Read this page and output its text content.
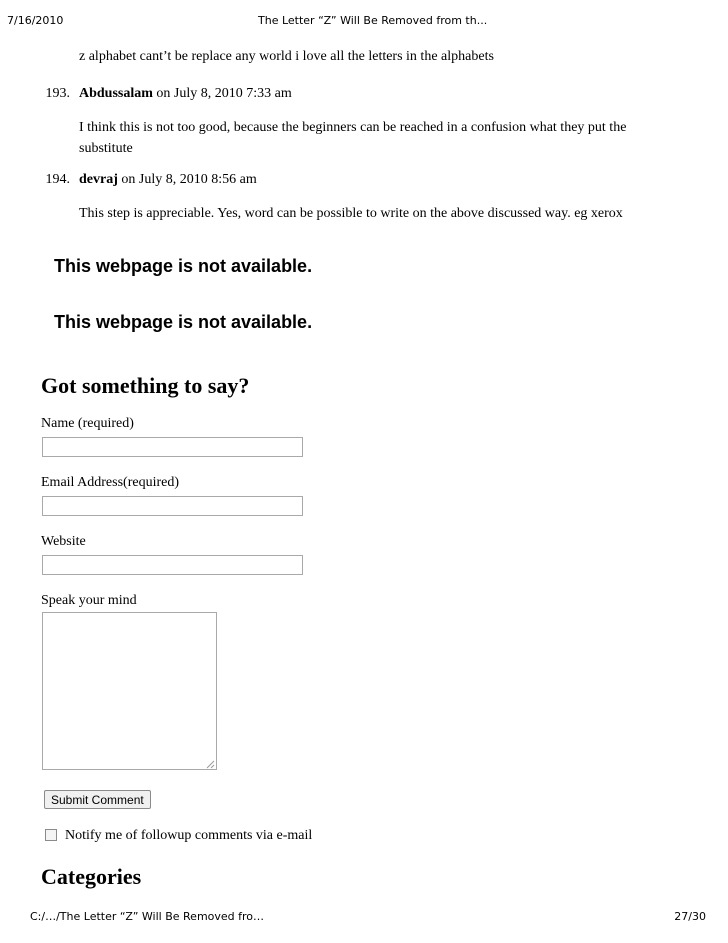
7/16/2010	The Letter “Z” Will Be Removed from th...
z alphabet cant’t be replace any world i love all the letters in the alphabets
193. Abdussalam on July 8, 2010 7:33 am
I think this is not too good, because the beginners can be reached in a confusion what they put the
substitute
194. devraj on July 8, 2010 8:56 am
This step is appreciable. Yes, word can be possible to write on the above discussed way. eg xerox
This webpage is not available.
This webpage is not available.
Got something to say?
Name (required)
Email Address(required)
Website
Speak your mind
Submit Comment
Notify me of followup comments via e-mail
Categories
C:/…/The Letter “Z” Will Be Removed fro…	27/30
